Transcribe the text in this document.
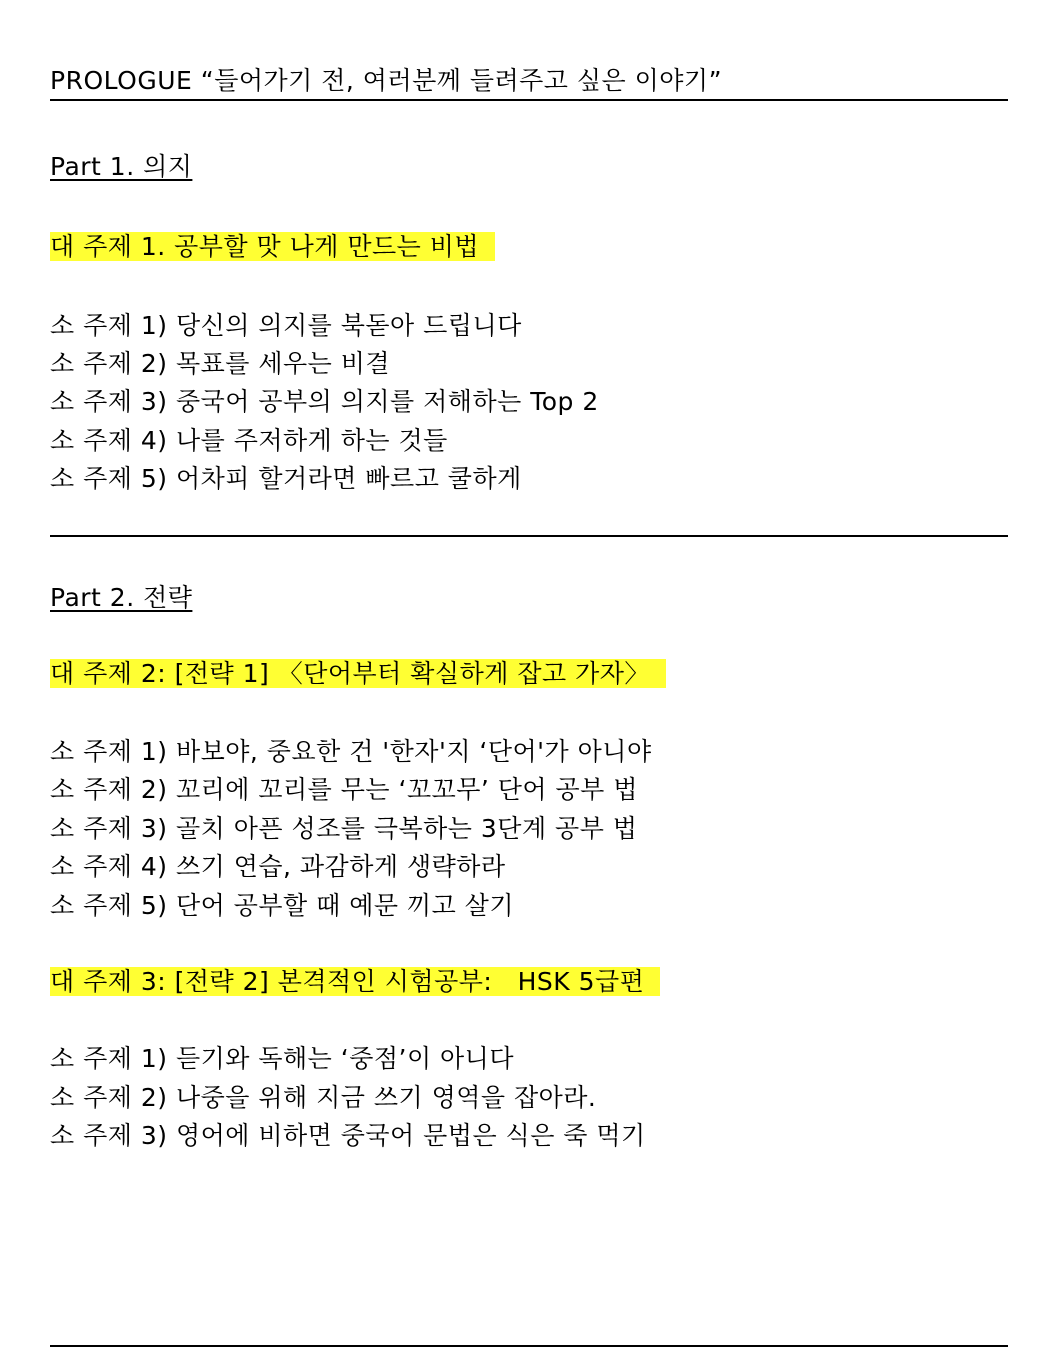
PROLOGUE “들어가기 전, 여러분께 들려주고 싶은 이야기”
Part 1. 의지
대 주제 1. 공부할 맛 나게 만드는 비법
소 주제 1) 당신의 의지를 북돋아 드립니다
소 주제 2) 목표를 세우는 비결
소 주제 3) 중국어 공부의 의지를 저해하는 Top 2
소 주제 4) 나를 주저하게 하는 것들
소 주제 5) 어차피 할거라면 빠르고 쿨하게
Part 2. 전략
대 주제 2: [전략 1] 〈단어부터 확실하게 잡고 가자〉
소 주제 1) 바보야, 중요한 건 '한자'지 ‘단어'가 아니야
소 주제 2) 꼬리에 꼬리를 무는 ‘꼬꼬무’ 단어 공부 법
소 주제 3) 골치 아픈 성조를 극복하는 3단계 공부 법
소 주제 4) 쓰기 연습, 과감하게 생략하라
소 주제 5) 단어 공부할 때 예문 끼고 살기
대 주제 3: [전략 2] 본격적인 시험공부:   HSK 5급편
소 주제 1) 듣기와 독해는 ‘중점’이 아니다
소 주제 2) 나중을 위해 지금 쓰기 영역을 잡아라.
소 주제 3) 영어에 비하면 중국어 문법은 식은 죽 먹기
